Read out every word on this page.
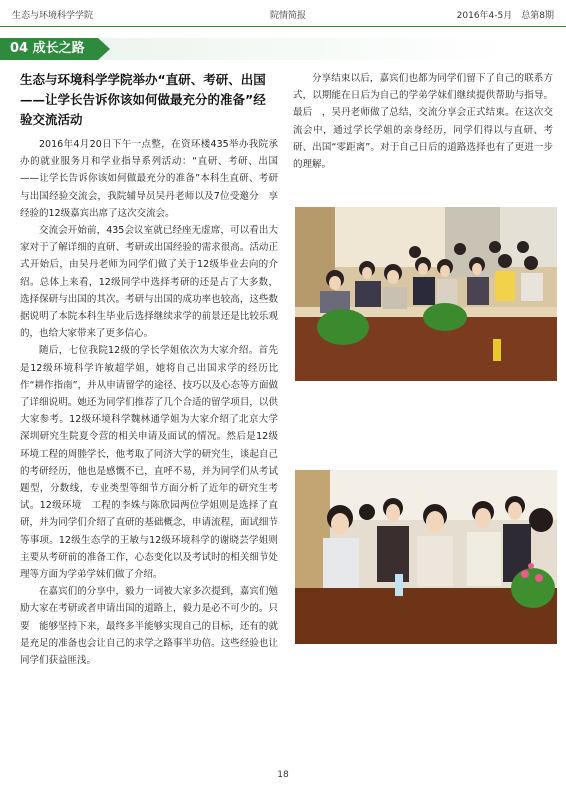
生态与环境科学学院	院情简报	2016年4-5月　总第8期
04 成长之路
生态与环境科学学院举办“直研、考研、出国——让学长告诉你该如何做最充分的准备”经验交流活动

2016年4月20日下午一点整，在资环楼435举办我院承办的就业服务月和学业指导系列活动：“直研、考研、出国——让学长告诉你该如何做最充分的准备”本科生直研、考研与出国经验交流会，我院辅导员吴丹老师以及7位受邀分　享经验的12级嘉宾出席了这次交流会。

交流会开始前，435会议室就已经座无虚席，可以看出大家对于了解详细的直研、考研或出国经验的需求很高。活动正式开始后，由吴丹老师为同学们做了关于12级毕业去向的介绍。总体上来看，12级同学中选择考研的还是占了大多数，选择保研与出国的其次。考研与出国的成功率也较高，这些数据说明了本院本科生毕业后选择继续求学的前景还是比较乐观的，也给大家带来了更多信心。

随后，七位我院12级的学长学姐依次为大家介绍。首先是12级环境科学许敏超学姐，她将自己出国求学的经历比作“耕作指南”，并从申请留学的途径、技巧以及心态等方面做了详细说明。她还为同学们推荐了几个合适的留学项目，以供大家参考。12级环境科学魏林通学姐为大家介绍了北京大学深圳研究生院夏令营的相关申请及面试的情况。然后是12级环境工程的周塍学长，他考取了同济大学的研究生，谈起自己的考研经历，他也是感慨不已，直呼不易，并为同学们从考试题型，分数线，专业类型等细节方面分析了近年的研究生考试。12级环境　工程的李姝与陈欣园两位学姐则是选择了直研，并为同学们介绍了直研的基础概念，申请流程，面试细节等事项。12级生态学的王敏与12级环境科学的谢晓芸学姐则主要从考研前的准备工作，心态变化以及考试时的相关细节处理等方面为学弟学妹们做了介绍。

在嘉宾们的分享中，毅力一词被大家多次提到，嘉宾们勉励大家在考研或者申请出国的道路上，毅力是必不可少的。只要　能够坚持下来，最终多半能够实现自己的目标，还有的就是充足的准备也会让自己的求学之路事半功倍。这些经验也让同学们获益匪浅。

分享结束以后，嘉宾们也都为同学们留下了自己的联系方式，以期能在日后为自己的学弟学妹们继续提供帮助与指导。最后　，吴丹老师做了总结，交流分享会正式结束。在这次交流会中，通过学长学姐的亲身经历，同学们得以与直研、考研、出国“零距离”。对于自己日后的道路选择也有了更进一步的理解。

18
